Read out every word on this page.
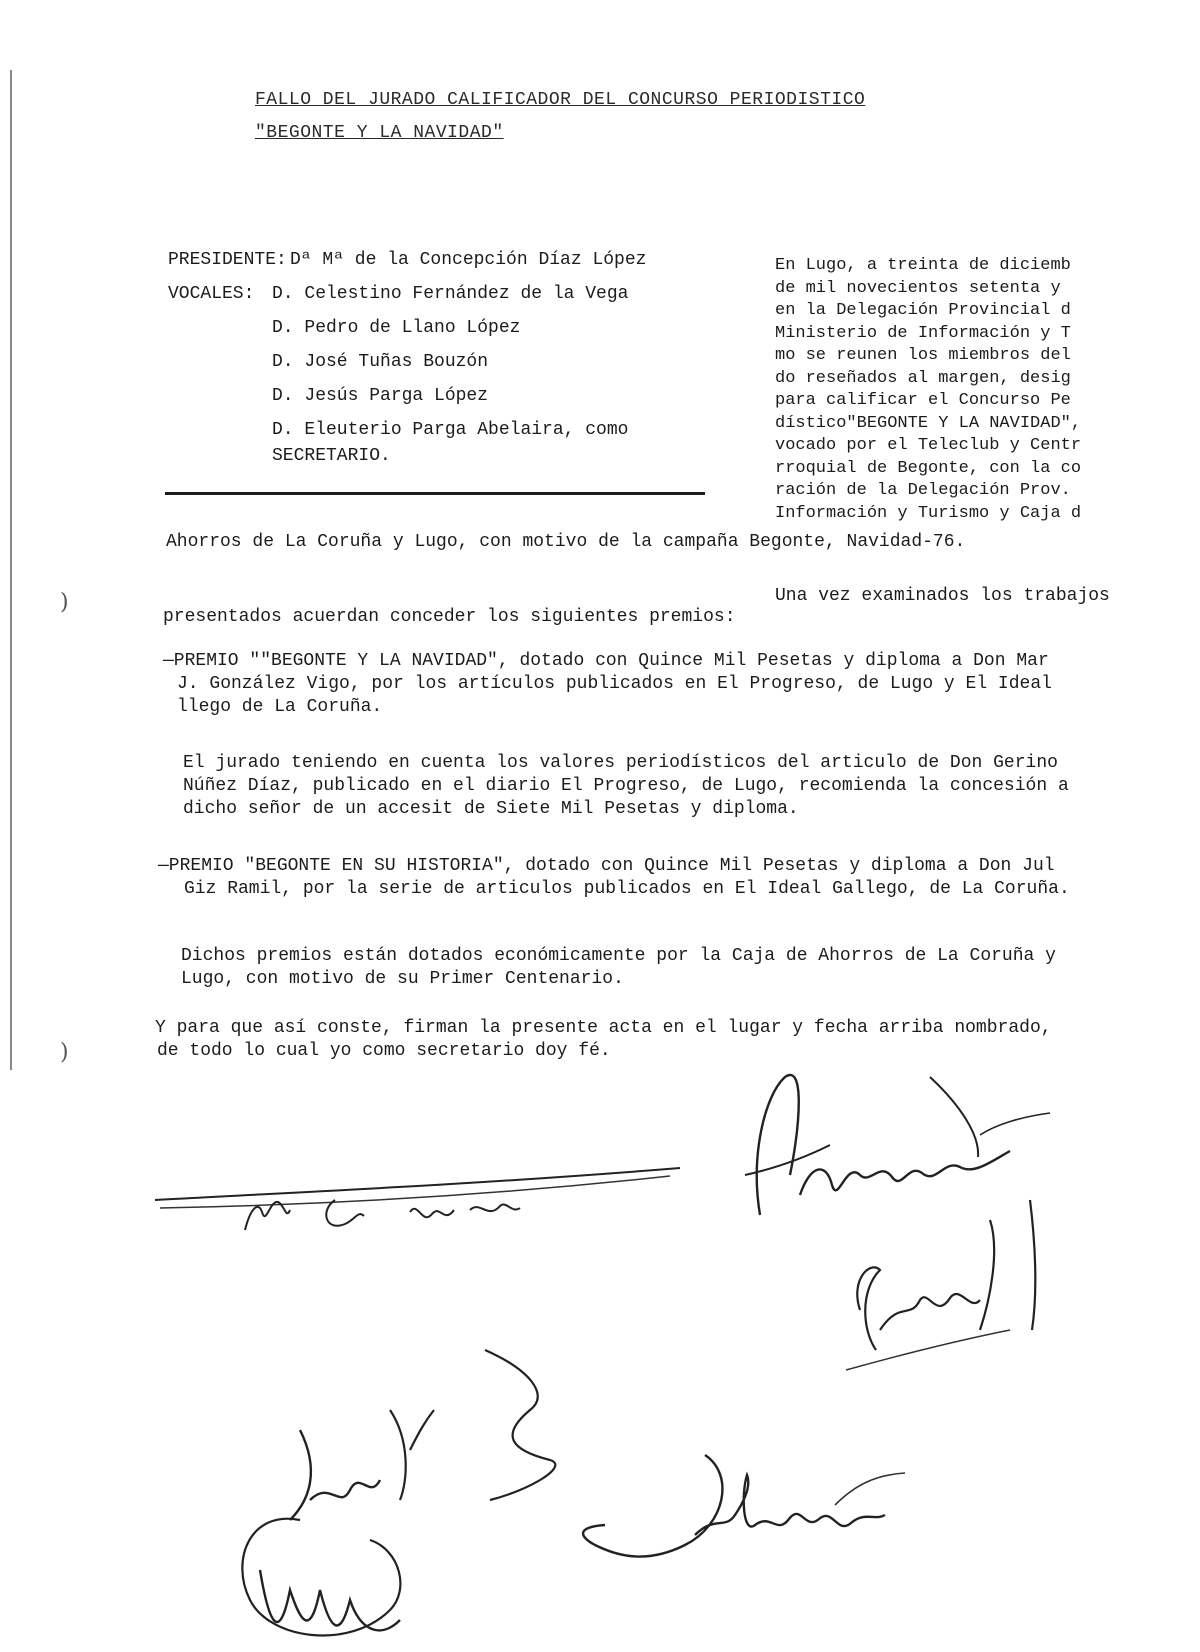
FALLO DEL JURADO CALIFICADOR DEL CONCURSO PERIODISTICO
"BEGONTE Y LA NAVIDAD"
PRESIDENTE: Dª Mª de la Concepción Díaz López
VOCALES: D. Celestino Fernández de la Vega
D. Pedro de Llano López
D. José Tuñas Bouzón
D. Jesús Parga López
D. Eleuterio Parga Abelaira, como
SECRETARIO.
En Lugo, a treinta de diciemb
de mil novecientos setenta y
en la Delegación Provincial d
Ministerio de Información y T
mo se reunen los miembros del
do reseñados al margen, desig
para calificar el Concurso Pe
dístico"BEGONTE Y LA NAVIDAD",
vocado por el Teleclub y Centr
rroquial de Begonte, con la co
ración de la Delegación Prov.
Información y Turismo y Caja d
Ahorros de La Coruña y Lugo, con motivo de la campaña Begonte, Navidad-76.
Una vez examinados los trabajos
presentados acuerdan conceder los siguientes premios:
)
—PREMIO ""BEGONTE Y LA NAVIDAD", dotado con Quince Mil Pesetas y diploma a Don Mar
J. González Vigo, por los artículos publicados en El Progreso, de Lugo y El Ideal
llego de La Coruña.
El jurado teniendo en cuenta los valores periodísticos del articulo de Don Gerino
Núñez Díaz, publicado en el diario El Progreso, de Lugo, recomienda la concesión a
dicho señor de un accesit de Siete Mil Pesetas y diploma.
—PREMIO "BEGONTE EN SU HISTORIA", dotado con Quince Mil Pesetas y diploma a Don Jul
Giz Ramil, por la serie de articulos publicados en El Ideal Gallego, de La Coruña.
Dichos premios están dotados económicamente por la Caja de Ahorros de La Coruña y
Lugo, con motivo de su Primer Centenario.
Y para que así conste, firman la presente acta en el lugar y fecha arriba nombrado,
de todo lo cual yo como secretario doy fé.
)
